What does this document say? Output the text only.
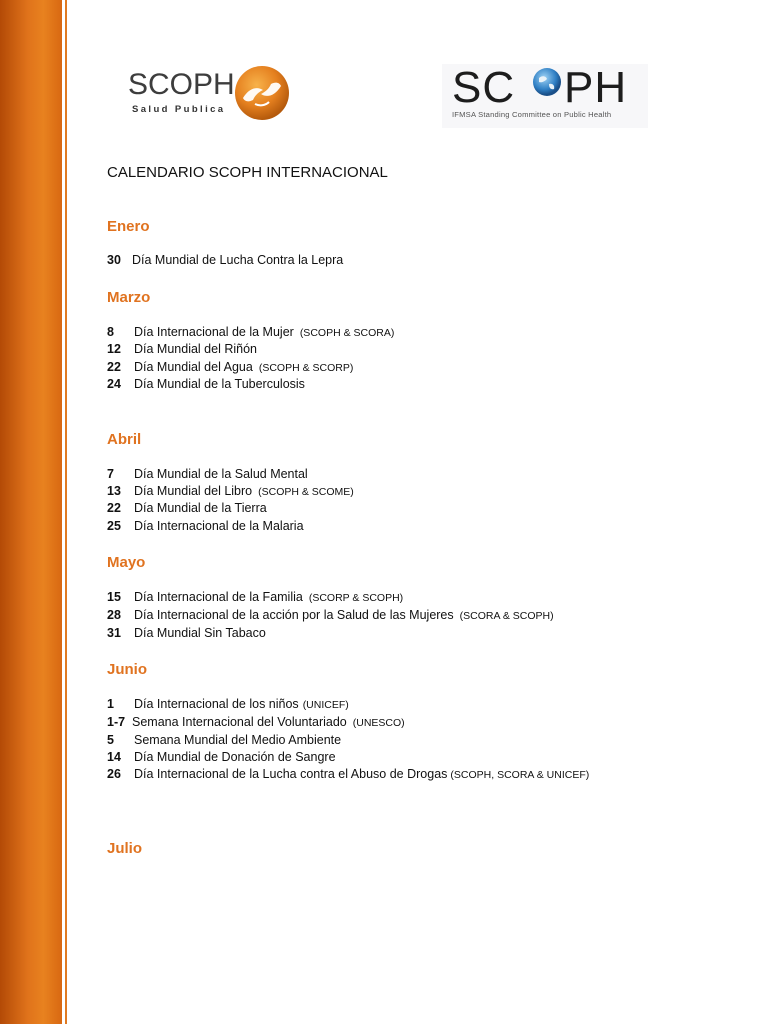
SCOPH
Salud Publica	SC PH
IFMSA Standing Committee on Public Health
CALENDARIO SCOPH INTERNACIONAL
Enero
30 Día Mundial de Lucha Contra la Lepra
Marzo
8 Día Internacional de la Mujer (SCOPH & SCORA)
12 Día Mundial del Riñón
22 Día Mundial del Agua (SCOPH & SCORP)
24 Día Mundial de la Tuberculosis
Abril
7 Día Mundial de la Salud Mental
13 Día Mundial del Libro (SCOPH & SCOME)
22 Día Mundial de la Tierra
25 Día Internacional de la Malaria
Mayo
15 Día Internacional de la Familia (SCORP & SCOPH)
28 Día Internacional de la acción por la Salud de las Mujeres (SCORA & SCOPH)
31 Día Mundial Sin Tabaco
Junio
1 Día Internacional de los niños (UNICEF)
1-7 Semana Internacional del Voluntariado (UNESCO)
5 Semana Mundial del Medio Ambiente
14 Día Mundial de Donación de Sangre
26 Día Internacional de la Lucha contra el Abuso de Drogas (SCOPH, SCORA & UNICEF)
Julio
